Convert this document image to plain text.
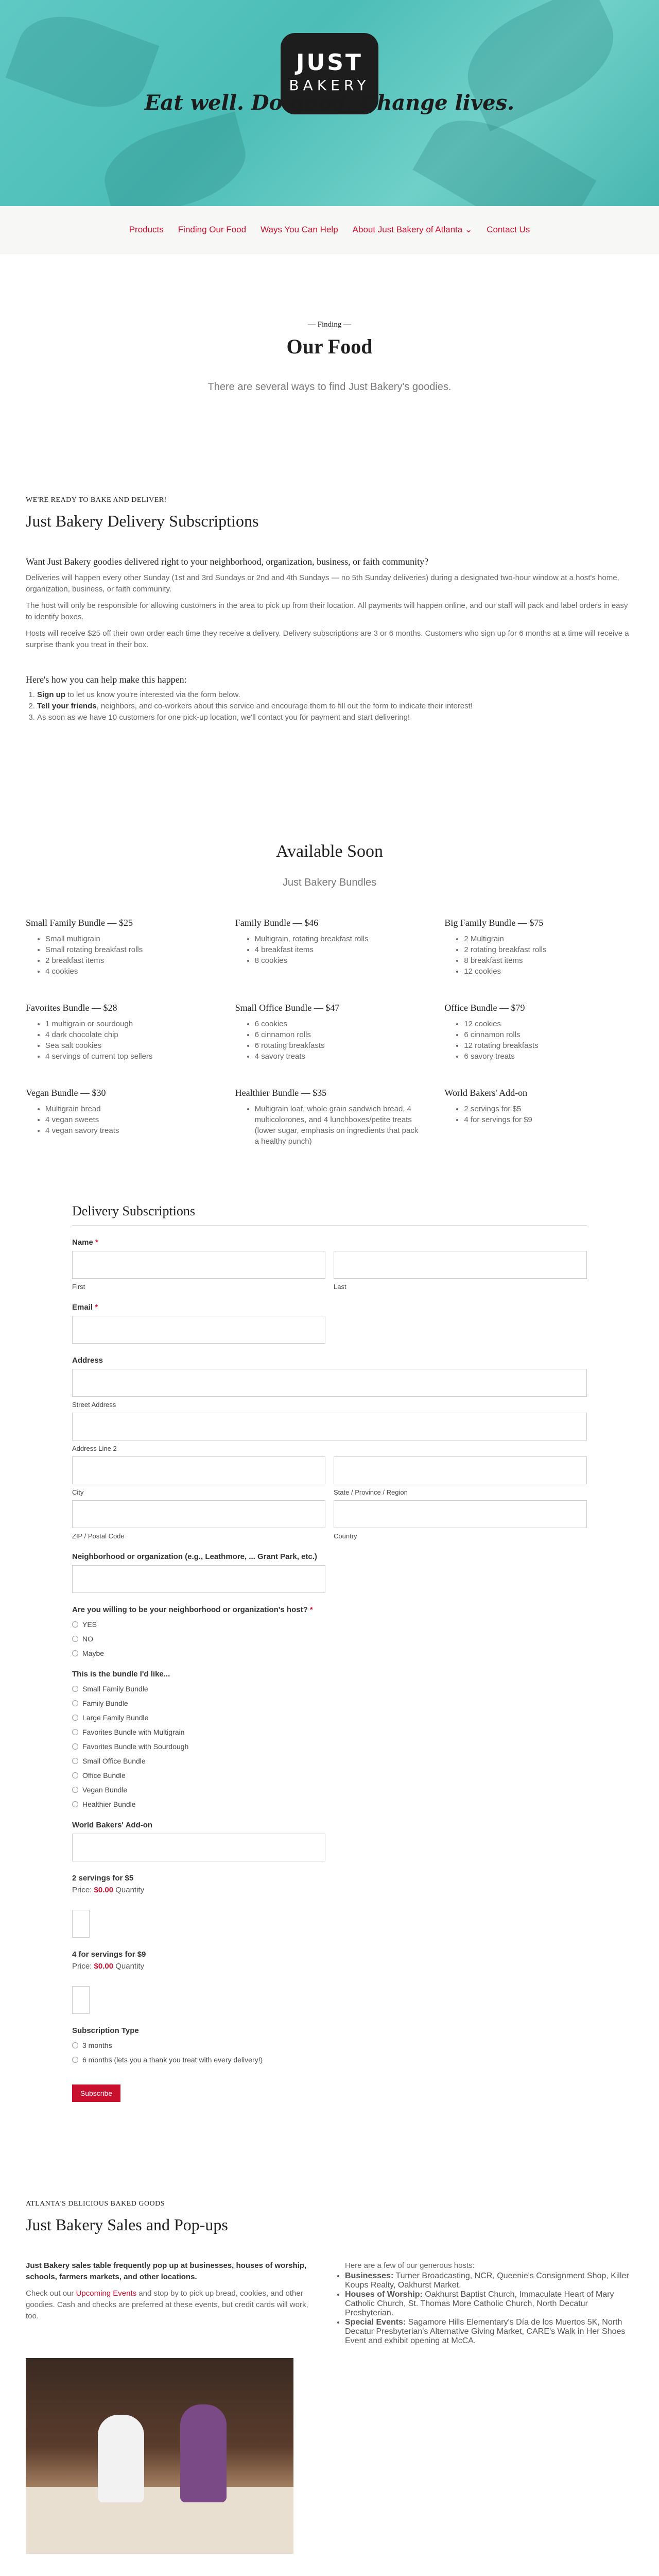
JUST
BAKERY
Eat well. Do good. Change lives.
Products Finding Our Food Ways You Can Help About Just Bakery of Atlanta ⌄ Contact Us
— Finding —
Our Food

There are several ways to find Just Bakery's goodies.

WE'RE READY TO BAKE AND DELIVER!
Just Bakery Delivery Subscriptions
Want Just Bakery goodies delivered right to your neighborhood, organization, business, or faith community?

Deliveries will happen every other Sunday (1st and 3rd Sundays or 2nd and 4th Sundays — no 5th Sunday deliveries) during a designated two-hour window at a host's home, organization, business, or faith community.

The host will only be responsible for allowing customers in the area to pick up from their location. All payments will happen online, and our staff will pack and label orders in easy to identify boxes.

Hosts will receive $25 off their own order each time they receive a delivery. Delivery subscriptions are 3 or 6 months. Customers who sign up for 6 months at a time will receive a surprise thank you treat in their box.

Here's how you can help make this happen:
1. Sign up to let us know you're interested via the form below.
2. Tell your friends, neighbors, and co-workers about this service and encourage them to fill out the form to indicate their interest!
3. As soon as we have 10 customers for one pick-up location, we'll contact you for payment and start delivering!
Available Soon

Just Bakery Bundles

Small Family Bundle — $25
• Small multigrain
• Small rotating breakfast rolls
• 2 breakfast items
• 4 cookies
Family Bundle — $46
• Multigrain, rotating breakfast rolls
• 4 breakfast items
• 8 cookies
Big Family Bundle — $75
• 2 Multigrain
• 2 rotating breakfast rolls
• 8 breakfast items
• 12 cookies
Favorites Bundle — $28
• 1 multigrain or sourdough
• 4 dark chocolate chip
• Sea salt cookies
• 4 servings of current top sellers
Small Office Bundle — $47
• 6 cookies
• 6 cinnamon rolls
• 6 rotating breakfasts
• 4 savory treats
Office Bundle — $79
• 12 cookies
• 6 cinnamon rolls
• 12 rotating breakfasts
• 6 savory treats
Vegan Bundle — $30
• Multigrain bread
• 4 vegan sweets
• 4 vegan savory treats
Healthier Bundle — $35
• Multigrain loaf, whole grain sandwich bread, 4 multicolorones, and 4 lunchboxes/petite treats (lower sugar, emphasis on ingredients that pack a healthy punch)
World Bakers' Add-on
• 2 servings for $5
• 4 for servings for $9
Delivery Subscriptions
Name *
First	Last
Email *
Address
Street Address
Address Line 2
City	State / Province / Region
ZIP / Postal Code	Country
Neighborhood or organization (e.g., Leathmore, ... Grant Park, etc.)
Are you willing to be your neighborhood or organization's host? *
YES
NO
Maybe
This is the bundle I'd like...
Small Family Bundle
Family Bundle
Large Family Bundle
Favorites Bundle with Multigrain
Favorites Bundle with Sourdough
Small Office Bundle
Office Bundle
Vegan Bundle
Healthier Bundle
World Bakers' Add-on
2 servings for $5
Price: $0.00 Quantity
4 for servings for $9
Price: $0.00 Quantity
Subscription Type
3 months
6 months (lets you a thank you treat with every delivery!)
Subscribe
ATLANTA'S DELICIOUS BAKED GOODS
Just Bakery Sales and Pop-ups

Just Bakery sales table frequently pop up at businesses, houses of worship, schools, farmers markets, and other locations.

Check out our Upcoming Events and stop by to pick up bread, cookies, and other goodies. Cash and checks are preferred at these events, but credit cards will work, too.

Here are a few of our generous hosts:

• Businesses: Turner Broadcasting, NCR, Queenie's Consignment Shop, Killer Koups Realty, Oakhurst Market.
• Houses of Worship: Oakhurst Baptist Church, Immaculate Heart of Mary Catholic Church, St. Thomas More Catholic Church, North Decatur Presbyterian.
• Special Events: Sagamore Hills Elementary's Día de los Muertos 5K, North Decatur Presbyterian's Alternative Giving Market, CARE's Walk in Her Shoes Event and exhibit opening at McCA.
